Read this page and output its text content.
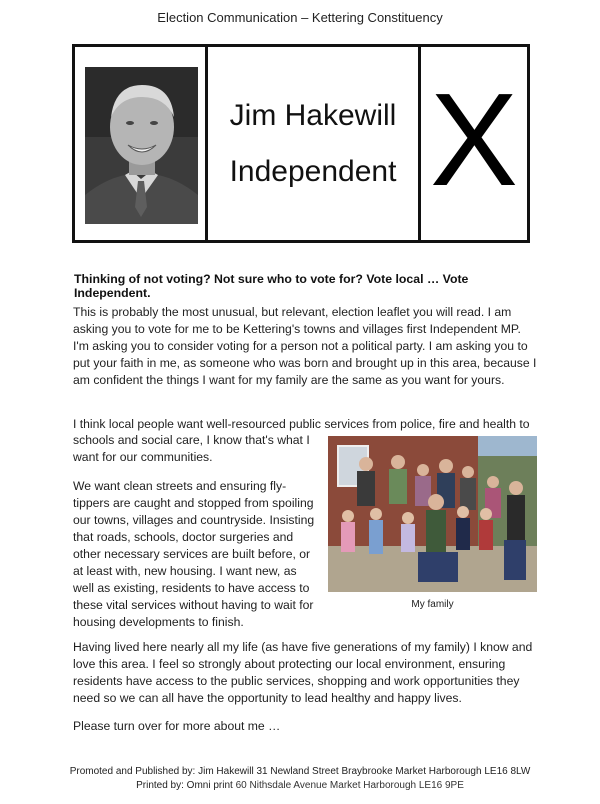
Election Communication – Kettering Constituency
Jim Hakewill
Independent X
Thinking of not voting? Not sure who to vote for? Vote local … Vote Independent.
This is probably the most unusual, but relevant, election leaflet you will read. I am asking you to vote for me to be Kettering's towns and villages first Independent MP. I'm asking you to consider voting for a person not a political party. I am asking you to put your faith in me, as someone who was born and brought up in this area, because I am confident the things I want for my family are the same as you want for yours.
I think local people want well-resourced public services from police, fire and health to
schools and social care, I know that's what I want for our communities.
We want clean streets and ensuring fly-tippers are caught and stopped from spoiling our towns, villages and countryside. Insisting that roads, schools, doctor surgeries and other necessary services are built before, or at least with, new housing. I want new, as well as existing, residents to have access to these vital services without having to wait for housing developments to finish.
My family
Having lived here nearly all my life (as have five generations of my family) I know and love this area. I feel so strongly about protecting our local environment, ensuring residents have access to the public services, shopping and work opportunities they need so we can all have the opportunity to lead healthy and happy lives.
Please turn over for more about me …
Promoted and Published by: Jim Hakewill 31 Newland Street Braybrooke Market Harborough LE16 8LW
Printed by: Omni print 60 Nithsdale Avenue Market Harborough LE16 9PE
